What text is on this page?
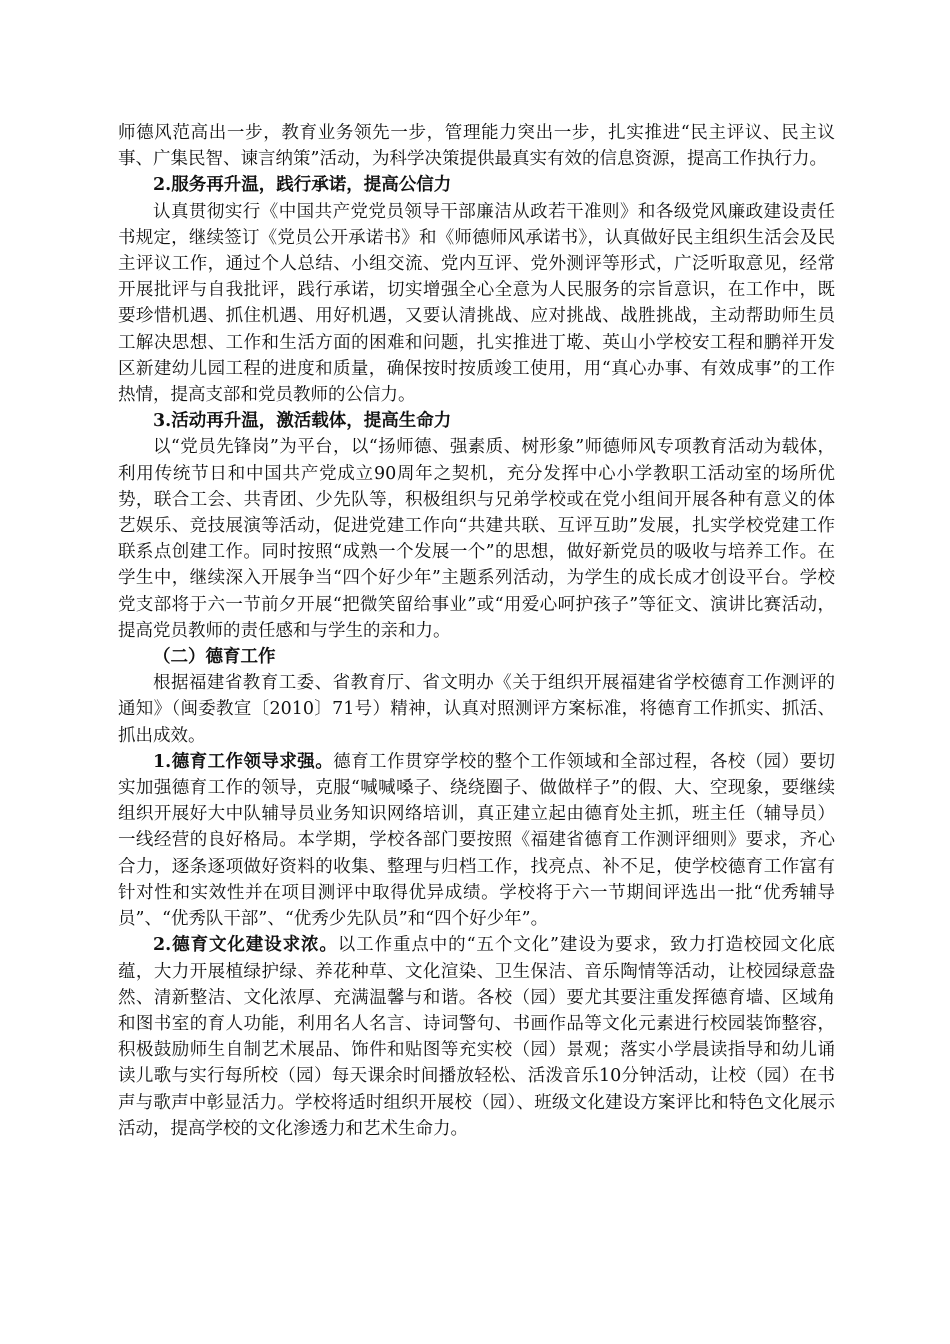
师德风范高出一步，教育业务领先一步，管理能力突出一步，扎实推进“民主评议、民主议事、广集民智、谏言纳策”活动，为科学决策提供最真实有效的信息资源，提高工作执行力。

2.服务再升温，践行承诺，提高公信力

认真贯彻实行《中国共产党党员领导干部廉洁从政若干准则》和各级党风廉政建设责任书规定，继续签订《党员公开承诺书》和《师德师风承诺书》，认真做好民主组织生活会及民主评议工作，通过个人总结、小组交流、党内互评、党外测评等形式，广泛听取意见，经常开展批评与自我批评，践行承诺，切实增强全心全意为人民服务的宗旨意识，在工作中，既要珍惜机遇、抓住机遇、用好机遇，又要认清挑战、应对挑战、战胜挑战，主动帮助师生员工解决思想、工作和生活方面的困难和问题，扎实推进丁墘、英山小学校安工程和鹏祥开发区新建幼儿园工程的进度和质量，确保按时按质竣工使用，用“真心办事、有效成事”的工作热情，提高支部和党员教师的公信力。

3.活动再升温，激活载体，提高生命力

以“党员先锋岗”为平台，以“扬师德、强素质、树形象”师德师风专项教育活动为载体，利用传统节日和中国共产党成立90周年之契机，充分发挥中心小学教职工活动室的场所优势，联合工会、共青团、少先队等，积极组织与兄弟学校或在党小组间开展各种有意义的体艺娱乐、竞技展演等活动，促进党建工作向“共建共联、互评互助”发展，扎实学校党建工作联系点创建工作。同时按照“成熟一个发展一个”的思想，做好新党员的吸收与培养工作。在学生中，继续深入开展争当“四个好少年”主题系列活动，为学生的成长成才创设平台。学校党支部将于六一节前夕开展“把微笑留给事业”或“用爱心呵护孩子”等征文、演讲比赛活动，提高党员教师的责任感和与学生的亲和力。

（二）德育工作

根据福建省教育工委、省教育厅、省文明办《关于组织开展福建省学校德育工作测评的通知》（闽委教宣〔2010〕71号）精神，认真对照测评方案标准，将德育工作抓实、抓活、抓出成效。

1.德育工作领导求强。德育工作贯穿学校的整个工作领域和全部过程，各校（园）要切实加强德育工作的领导，克服“喊喊嗓子、绕绕圈子、做做样子”的假、大、空现象，要继续组织开展好大中队辅导员业务知识网络培训，真正建立起由德育处主抓，班主任（辅导员）一线经营的良好格局。本学期，学校各部门要按照《福建省德育工作测评细则》要求，齐心合力，逐条逐项做好资料的收集、整理与归档工作，找亮点、补不足，使学校德育工作富有针对性和实效性并在项目测评中取得优异成绩。学校将于六一节期间评选出一批“优秀辅导员”、“优秀队干部”、“优秀少先队员”和“四个好少年”。

2.德育文化建设求浓。以工作重点中的“五个文化”建设为要求，致力打造校园文化底蕴，大力开展植绿护绿、养花种草、文化渲染、卫生保洁、音乐陶情等活动，让校园绿意盎然、清新整洁、文化浓厚、充满温馨与和谐。各校（园）要尤其要注重发挥德育墙、区域角和图书室的育人功能，利用名人名言、诗词警句、书画作品等文化元素进行校园装饰整容，积极鼓励师生自制艺术展品、饰件和贴图等充实校（园）景观；落实小学晨读指导和幼儿诵读儿歌与实行每所校（园）每天课余时间播放轻松、活泼音乐10分钟活动，让校（园）在书声与歌声中彰显活力。学校将适时组织开展校（园）、班级文化建设方案评比和特色文化展示活动，提高学校的文化渗透力和艺术生命力。
